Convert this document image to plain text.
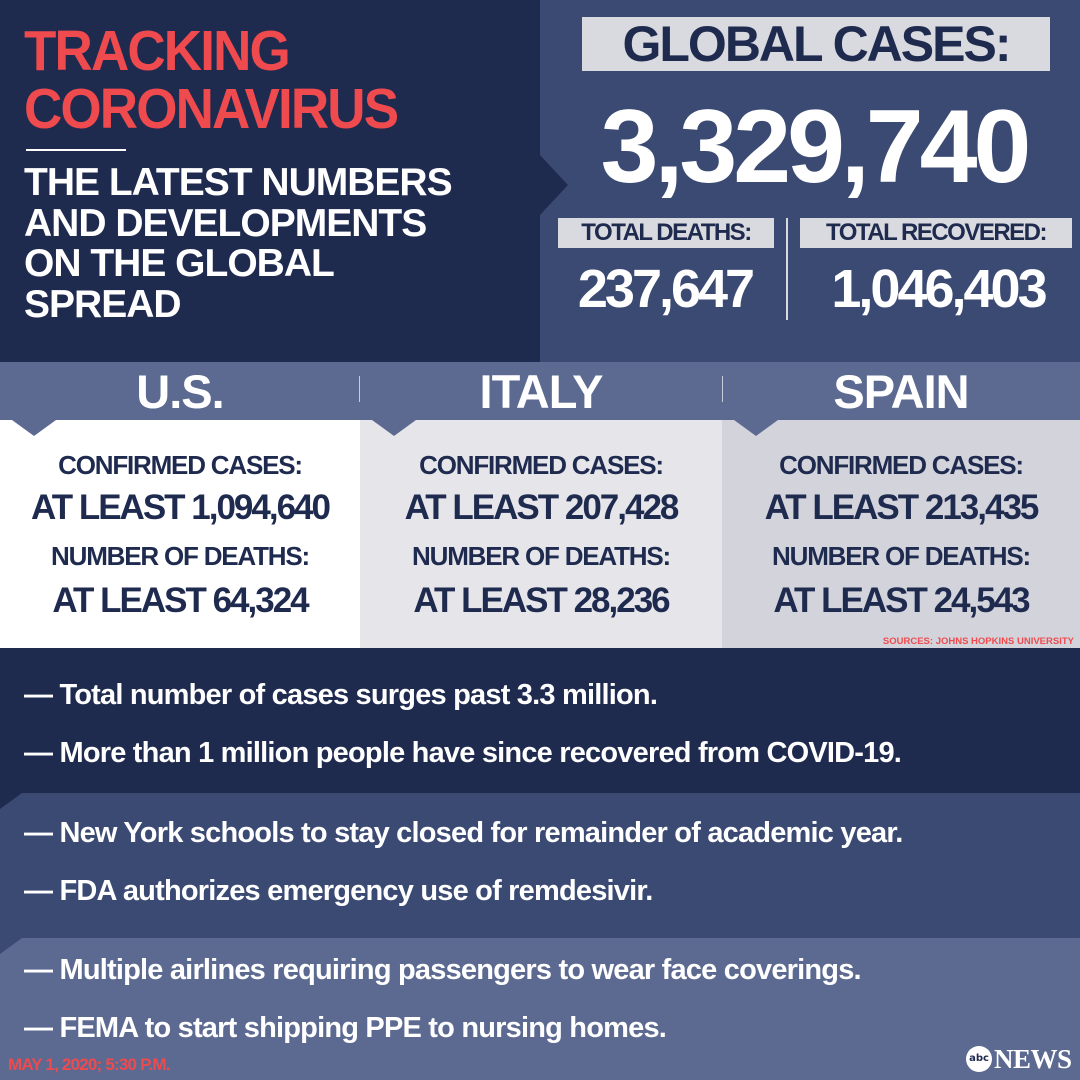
TRACKING
CORONAVIRUS
THE LATEST NUMBERS
AND DEVELOPMENTS
ON THE GLOBAL
SPREAD
GLOBAL CASES:
3,329,740
TOTAL DEATHS:	TOTAL RECOVERED:
237,647	1,046,403
U.S.	ITALY	SPAIN
CONFIRMED CASES:
AT LEAST 1,094,640
NUMBER OF DEATHS:
AT LEAST 64,324
CONFIRMED CASES:
AT LEAST 207,428
NUMBER OF DEATHS:
AT LEAST 28,236
CONFIRMED CASES:
AT LEAST 213,435
NUMBER OF DEATHS:
AT LEAST 24,543
SOURCES: JOHNS HOPKINS UNIVERSITY
— Total number of cases surges past 3.3 million.
— More than 1 million people have since recovered from COVID-19.
— New York schools to stay closed for remainder of academic year.
— FDA authorizes emergency use of remdesivir.
— Multiple airlines requiring passengers to wear face coverings.
— FEMA to start shipping PPE to nursing homes.
MAY 1, 2020; 5:30 P.M.	abc NEWS
